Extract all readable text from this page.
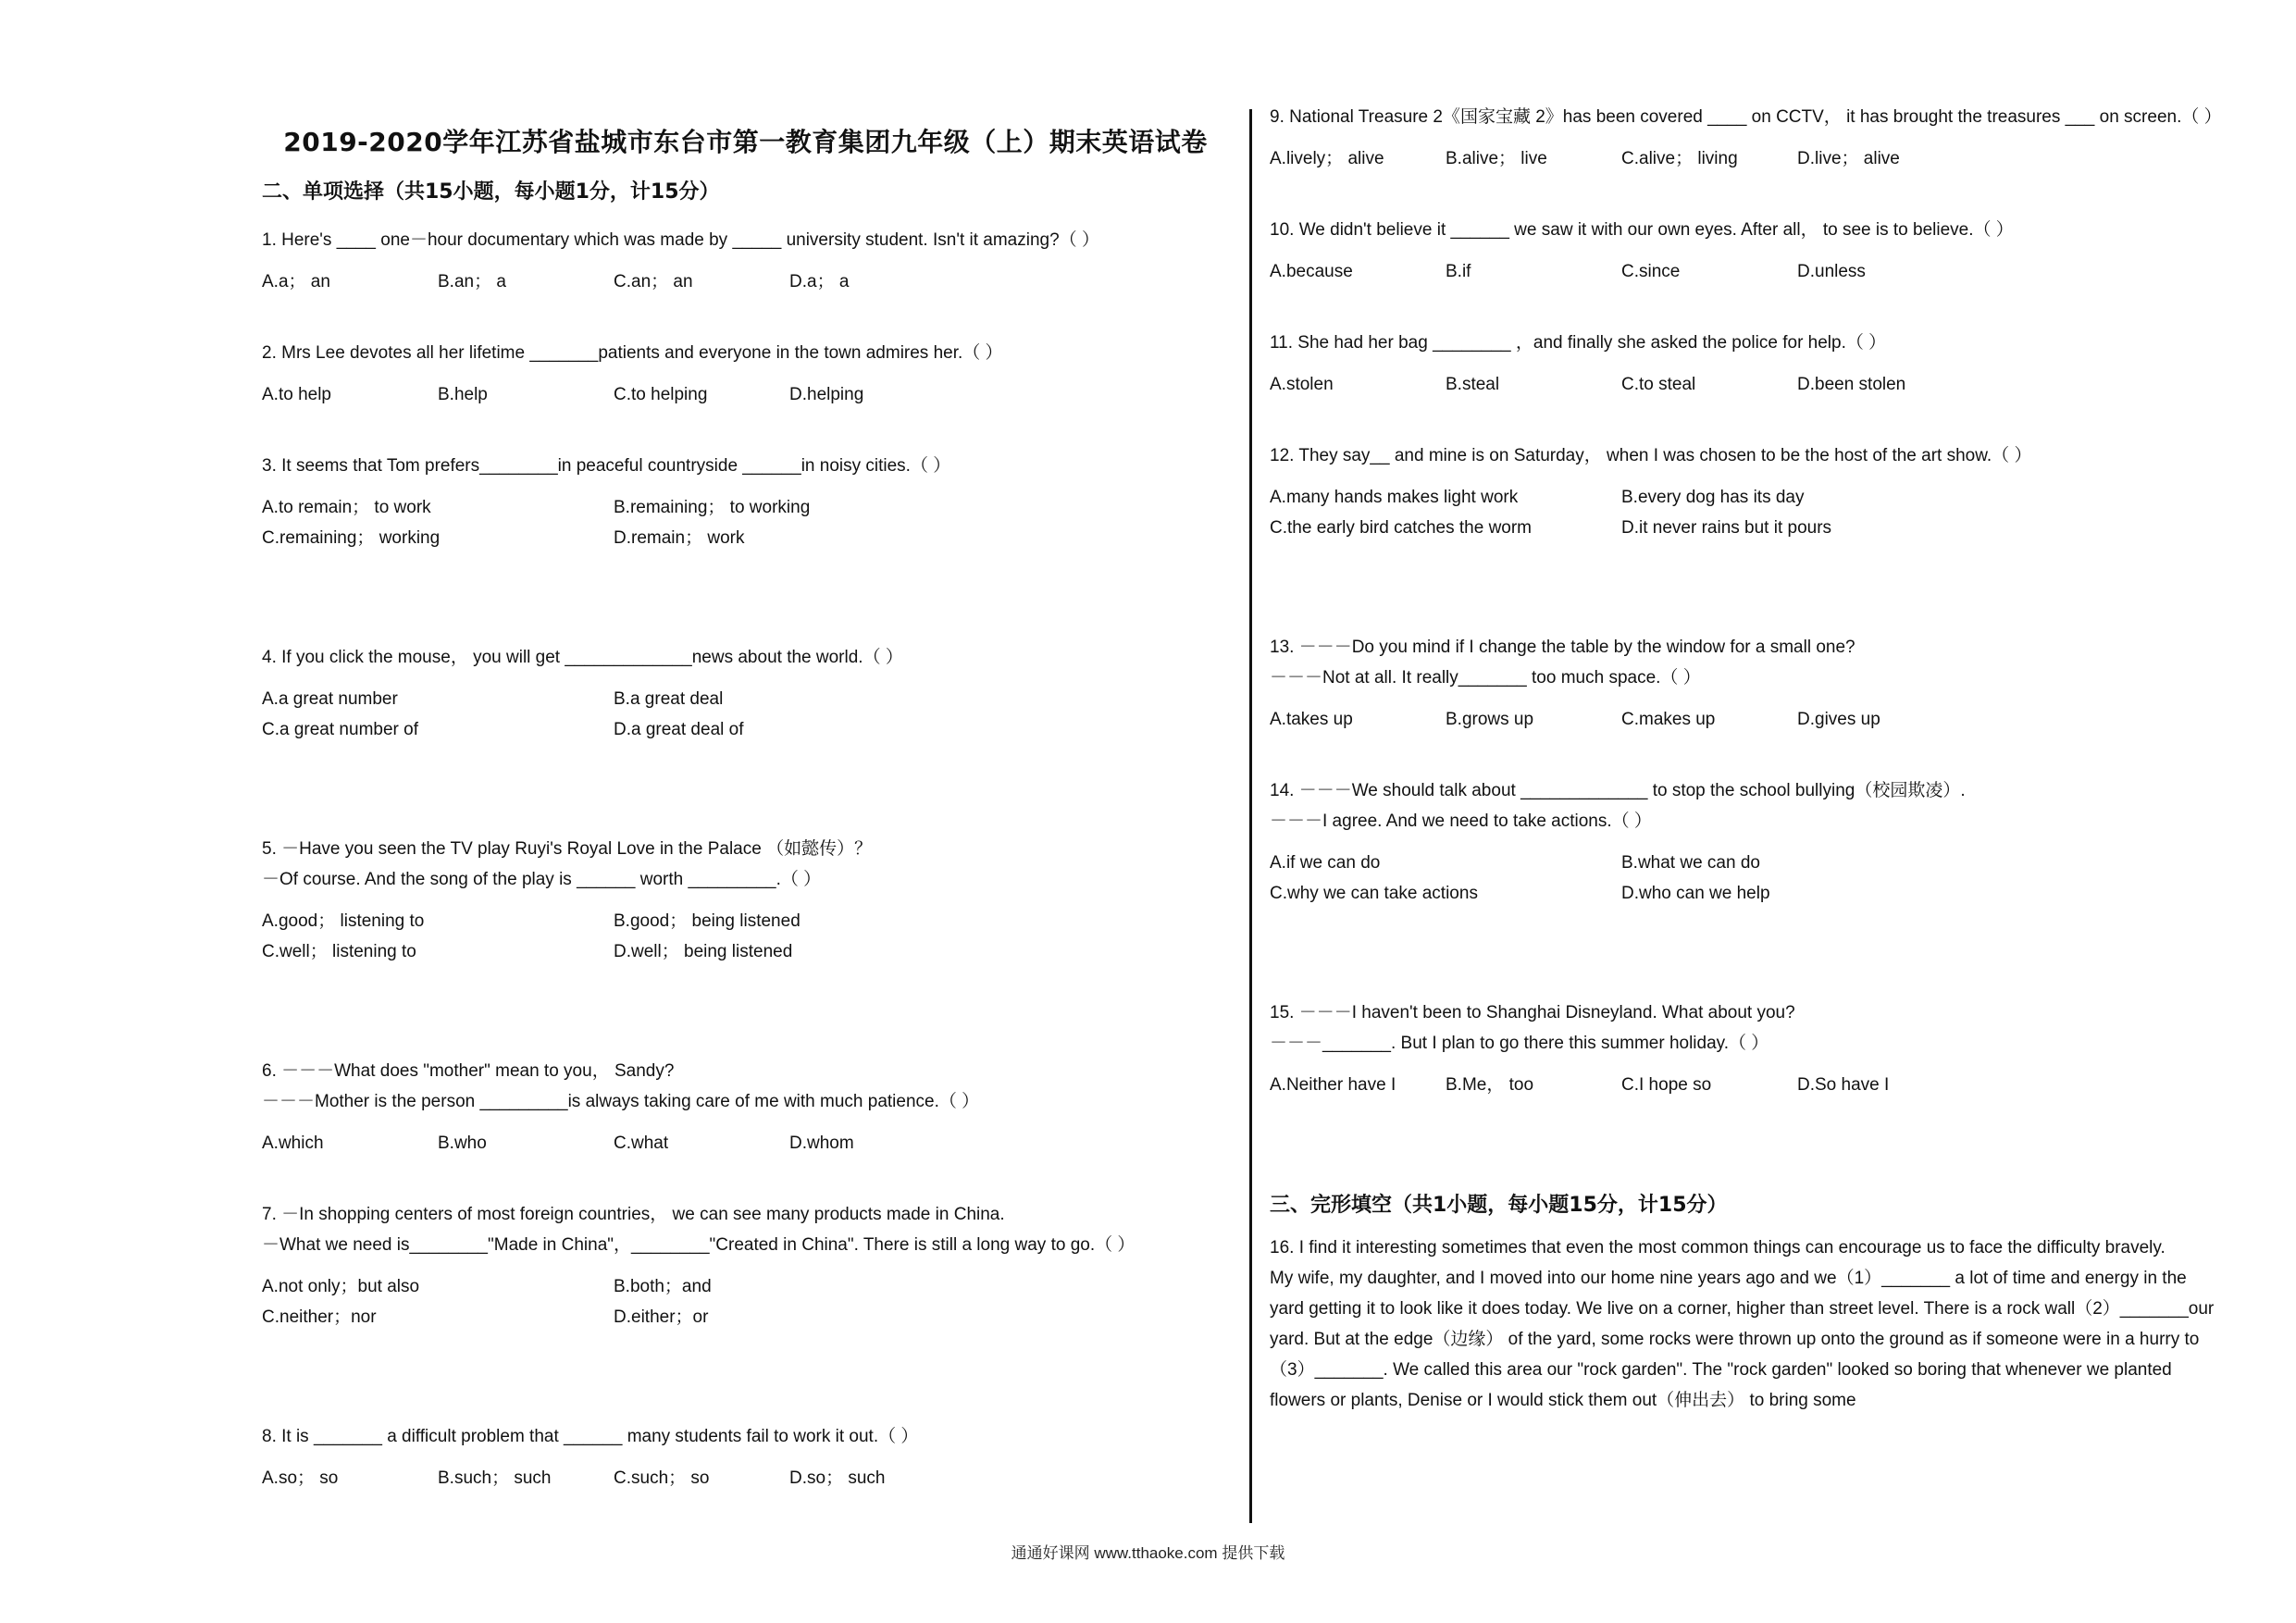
2019-2020学年江苏省盐城市东台市第一教育集团九年级（上）期末英语试卷
二、单项选择（共15小题，每小题1分，计15分）
1. Here's ____ one－hour documentary which was made by _____ university student. Isn't it amazing?（ ）
A.a； an	B.an； a	C.an； an	D.a； a
2. Mrs Lee devotes all her lifetime _______patients and everyone in the town admires her.（ ）
A.to help	B.help	C.to helping	D.helping
3. It seems that Tom prefers________in peaceful countryside ______in noisy cities.（ ）
A.to remain； to work	B.remaining； to working
C.remaining； working	D.remain； work
4. If you click the mouse， you will get _____________news about the world.（ ）
A.a great number	B.a great deal
C.a great number of	D.a great deal of
5. －Have you seen the TV play Ruyi's Royal Love in the Palace （如懿传）？
－Of course. And the song of the play is ______ worth _________.（ ）
A.good； listening to	B.good； being listened
C.well； listening to	D.well； being listened
6. －－－What does "mother" mean to you， Sandy?
－－－Mother is the person _________is always taking care of me with much patience.（ ）
A.which	B.who	C.what	D.whom
7. －In shopping centers of most foreign countries， we can see many products made in China.
－What we need is________"Made in China"，________"Created in China". There is still a long way to go.（ ）
A.not only；but also	B.both；and
C.neither；nor	D.either；or
8. It is _______ a difficult problem that ______ many students fail to work it out.（ ）
A.so； so	B.such； such	C.such； so	D.so； such
9. National Treasure 2《国家宝藏 2》has been covered ____ on CCTV， it has brought the treasures ___ on screen.（ ）
A.lively； alive	B.alive； live	C.alive； living	D.live； alive
10. We didn't believe it ______ we saw it with our own eyes. After all， to see is to believe.（ ）
A.because	B.if	C.since	D.unless
11. She had her bag ________ ，and finally she asked the police for help.（ ）
A.stolen	B.steal	C.to steal	D.been stolen
12. They say__ and mine is on Saturday， when I was chosen to be the host of the art show.（ ）
A.many hands makes light work	B.every dog has its day
C.the early bird catches the worm	D.it never rains but it pours
13. －－－Do you mind if I change the table by the window for a small one?
－－－Not at all. It really_______ too much space.（ ）
A.takes up	B.grows up	C.makes up	D.gives up
14. －－－We should talk about _____________ to stop the school bullying（校园欺凌）.
－－－I agree. And we need to take actions.（ ）
A.if we can do	B.what we can do
C.why we can take actions	D.who can we help
15. －－－I haven't been to Shanghai Disneyland. What about you?
－－－_______. But I plan to go there this summer holiday.（ ）
A.Neither have I	B.Me， too	C.I hope so	D.So have I
三、完形填空（共1小题，每小题15分，计15分）

16. I find it interesting sometimes that even the most common things can encourage us to face the difficulty bravely.

My wife, my daughter, and I moved into our home nine years ago and we（1）_______ a lot of time and energy in the yard getting it to look like it does today. We live on a corner, higher than street level. There is a rock wall（2）_______our yard. But at the edge（边缘） of the yard, some rocks were thrown up onto the ground as if someone were in a hurry to（3）_______. We called this area our "rock garden". The "rock garden" looked so boring that whenever we planted flowers or plants, Denise or I would stick them out（伸出去） to bring some

通通好课网 www.tthaoke.com 提供下载
